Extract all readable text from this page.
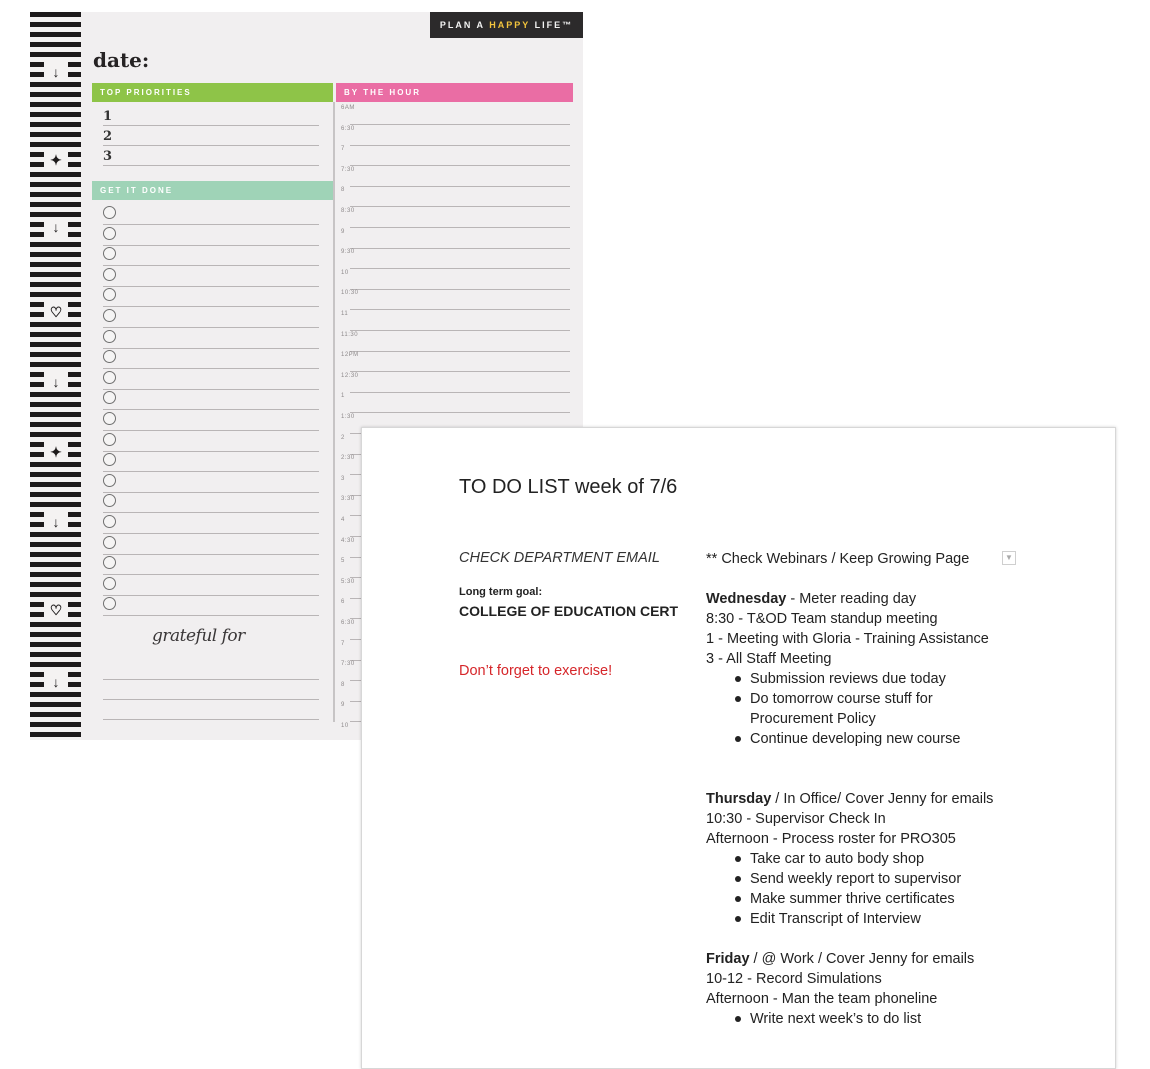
↓
✦
↓
♡
↓
✦
↓
♡
↓
PLAN A HAPPY LIFE™
date:
TOP PRIORITIES	BY THE HOUR
GET IT DONE
1
2
3
6AM
6:30
7
7:30
8
8:30
9
9:30
10
10:30
11
11:30
12PM
12:30
1
1:30
2
2:30
3
3:30
4
4:30
5
5:30
6
6:30
7
7:30
8
9
10
grateful for
TO DO LIST week of 7/6
CHECK DEPARTMENT EMAIL
Long term goal:
COLLEGE OF EDUCATION CERT
Don’t forget to exercise!
▼
** Check Webinars / Keep Growing Page
Wednesday - Meter reading day
8:30 - T&OD Team standup meeting
1 - Meeting with Gloria - Training Assistance
3 - All Staff Meeting
Submission reviews due today
Do tomorrow course stuff for Procurement Policy
Continue developing new course
Thursday / In Office/ Cover Jenny for emails
10:30 - Supervisor Check In
Afternoon - Process roster for PRO305
Take car to auto body shop
Send weekly report to supervisor
Make summer thrive certificates
Edit Transcript of Interview
Friday / @ Work / Cover Jenny for emails
10-12 - Record Simulations
Afternoon - Man the team phoneline
Write next week’s to do list
